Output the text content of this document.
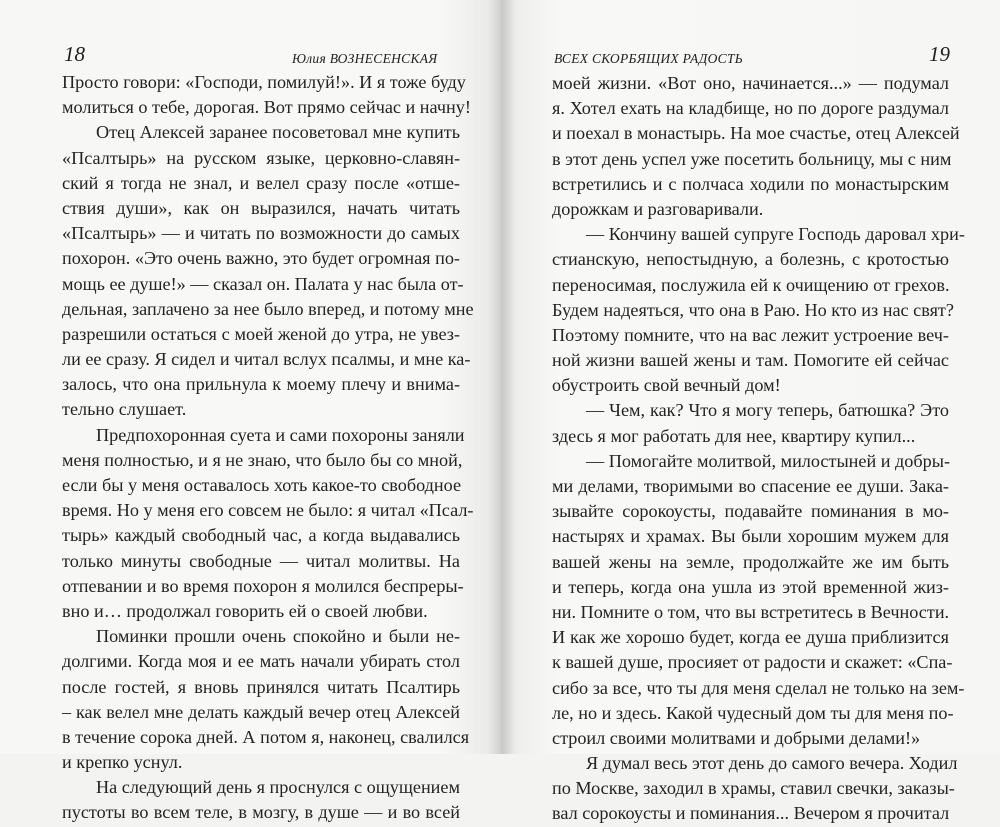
18	Юлия ВОЗНЕСЕНСКАЯ
Просто говори: «Господи, помилуй!». И я тоже буду
молиться о тебе, дорогая. Вот прямо сейчас и начну!
Отец Алексей заранее посоветовал мне купить
«Псалтырь» на русском языке, церковно-славян-
ский я тогда не знал, и велел сразу после «отше-
ствия души», как он выразился, начать читать
«Псалтырь» — и читать по возможности до самых
похорон. «Это очень важно, это будет огромная по-
мощь ее душе!» — сказал он. Палата у нас была от-
дельная, заплачено за нее было вперед, и потому мне
разрешили остаться с моей женой до утра, не увез-
ли ее сразу. Я сидел и читал вслух псалмы, и мне ка-
залось, что она прильнула к моему плечу и внима-
тельно слушает.
Предпохоронная суета и сами похороны заняли
меня полностью, и я не знаю, что было бы со мной,
если бы у меня оставалось хоть какое-то свободное
время. Но у меня его совсем не было: я читал «Псал-
тырь» каждый свободный час, а когда выдавались
только минуты свободные — читал молитвы. На
отпевании и во время похорон я молился беспреры-
вно и… продолжал говорить ей о своей любви.
Поминки прошли очень спокойно и были не-
долгими. Когда моя и ее мать начали убирать стол
после гостей, я вновь принялся читать Псалтирь
– как велел мне делать каждый вечер отец Алексей
в течение сорока дней. А потом я, наконец, свалился
и крепко уснул.
На следующий день я проснулся с ощущением
пустоты во всем теле, в мозгу, в душе — и во всей
19
ВСЕХ СКОРБЯЩИХ РАДОСТЬ
моей жизни. «Вот оно, начинается...» — подумал
я. Хотел ехать на кладбище, но по дороге раздумал
и поехал в монастырь. На мое счастье, отец Алексей
в этот день успел уже посетить больницу, мы с ним
встретились и с полчаса ходили по монастырским
дорожкам и разговаривали.
— Кончину вашей супруге Господь даровал хри-
стианскую, непостыдную, а болезнь, с кротостью
переносимая, послужила ей к очищению от грехов.
Будем надеяться, что она в Раю. Но кто из нас свят?
Поэтому помните, что на вас лежит устроение веч-
ной жизни вашей жены и там. Помогите ей сейчас
обустроить свой вечный дом!
— Чем, как? Что я могу теперь, батюшка? Это
здесь я мог работать для нее, квартиру купил...
— Помогайте молитвой, милостыней и добры-
ми делами, творимыми во спасение ее души. Зака-
зывайте сорокоусты, подавайте поминания в мо-
настырях и храмах. Вы были хорошим мужем для
вашей жены на земле, продолжайте же им быть
и теперь, когда она ушла из этой временной жиз-
ни. Помните о том, что вы встретитесь в Вечности.
И как же хорошо будет, когда ее душа приблизится
к вашей душе, просияет от радости и скажет: «Спа-
сибо за все, что ты для меня сделал не только на зем-
ле, но и здесь. Какой чудесный дом ты для меня по-
строил своими молитвами и добрыми делами!»
Я думал весь этот день до самого вечера. Ходил
по Москве, заходил в храмы, ставил свечки, заказы-
вал сорокоусты и поминания... Вечером я прочитал
